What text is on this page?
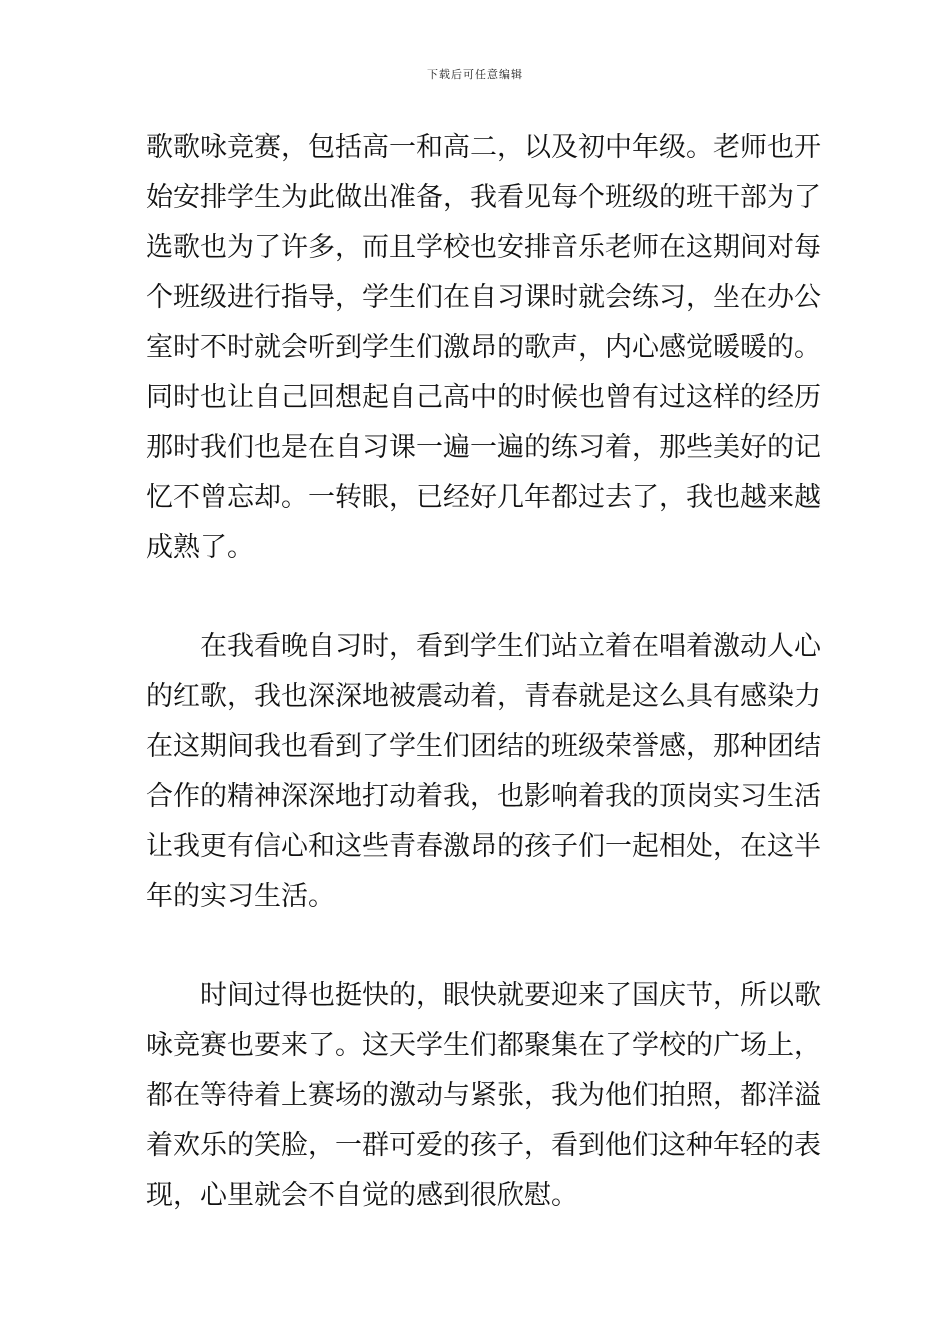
下载后可任意编辑

歌歌咏竞赛，包括高一和高二，以及初中年级。老师也开
始安排学生为此做出准备，我看见每个班级的班干部为了
选歌也为了许多，而且学校也安排音乐老师在这期间对每
个班级进行指导，学生们在自习课时就会练习，坐在办公
室时不时就会听到学生们激昂的歌声，内心感觉暖暖的。
同时也让自己回想起自己高中的时候也曾有过这样的经历
那时我们也是在自习课一遍一遍的练习着，那些美好的记
忆不曾忘却。一转眼，已经好几年都过去了，我也越来越
成熟了。

在我看晚自习时，看到学生们站立着在唱着激动人心
的红歌，我也深深地被震动着，青春就是这么具有感染力
在这期间我也看到了学生们团结的班级荣誉感，那种团结
合作的精神深深地打动着我，也影响着我的顶岗实习生活
让我更有信心和这些青春激昂的孩子们一起相处，在这半
年的实习生活。

时间过得也挺快的，眼快就要迎来了国庆节，所以歌
咏竞赛也要来了。这天学生们都聚集在了学校的广场上，
都在等待着上赛场的激动与紧张，我为他们拍照，都洋溢
着欢乐的笑脸，一群可爱的孩子，看到他们这种年轻的表
现，心里就会不自觉的感到很欣慰。
